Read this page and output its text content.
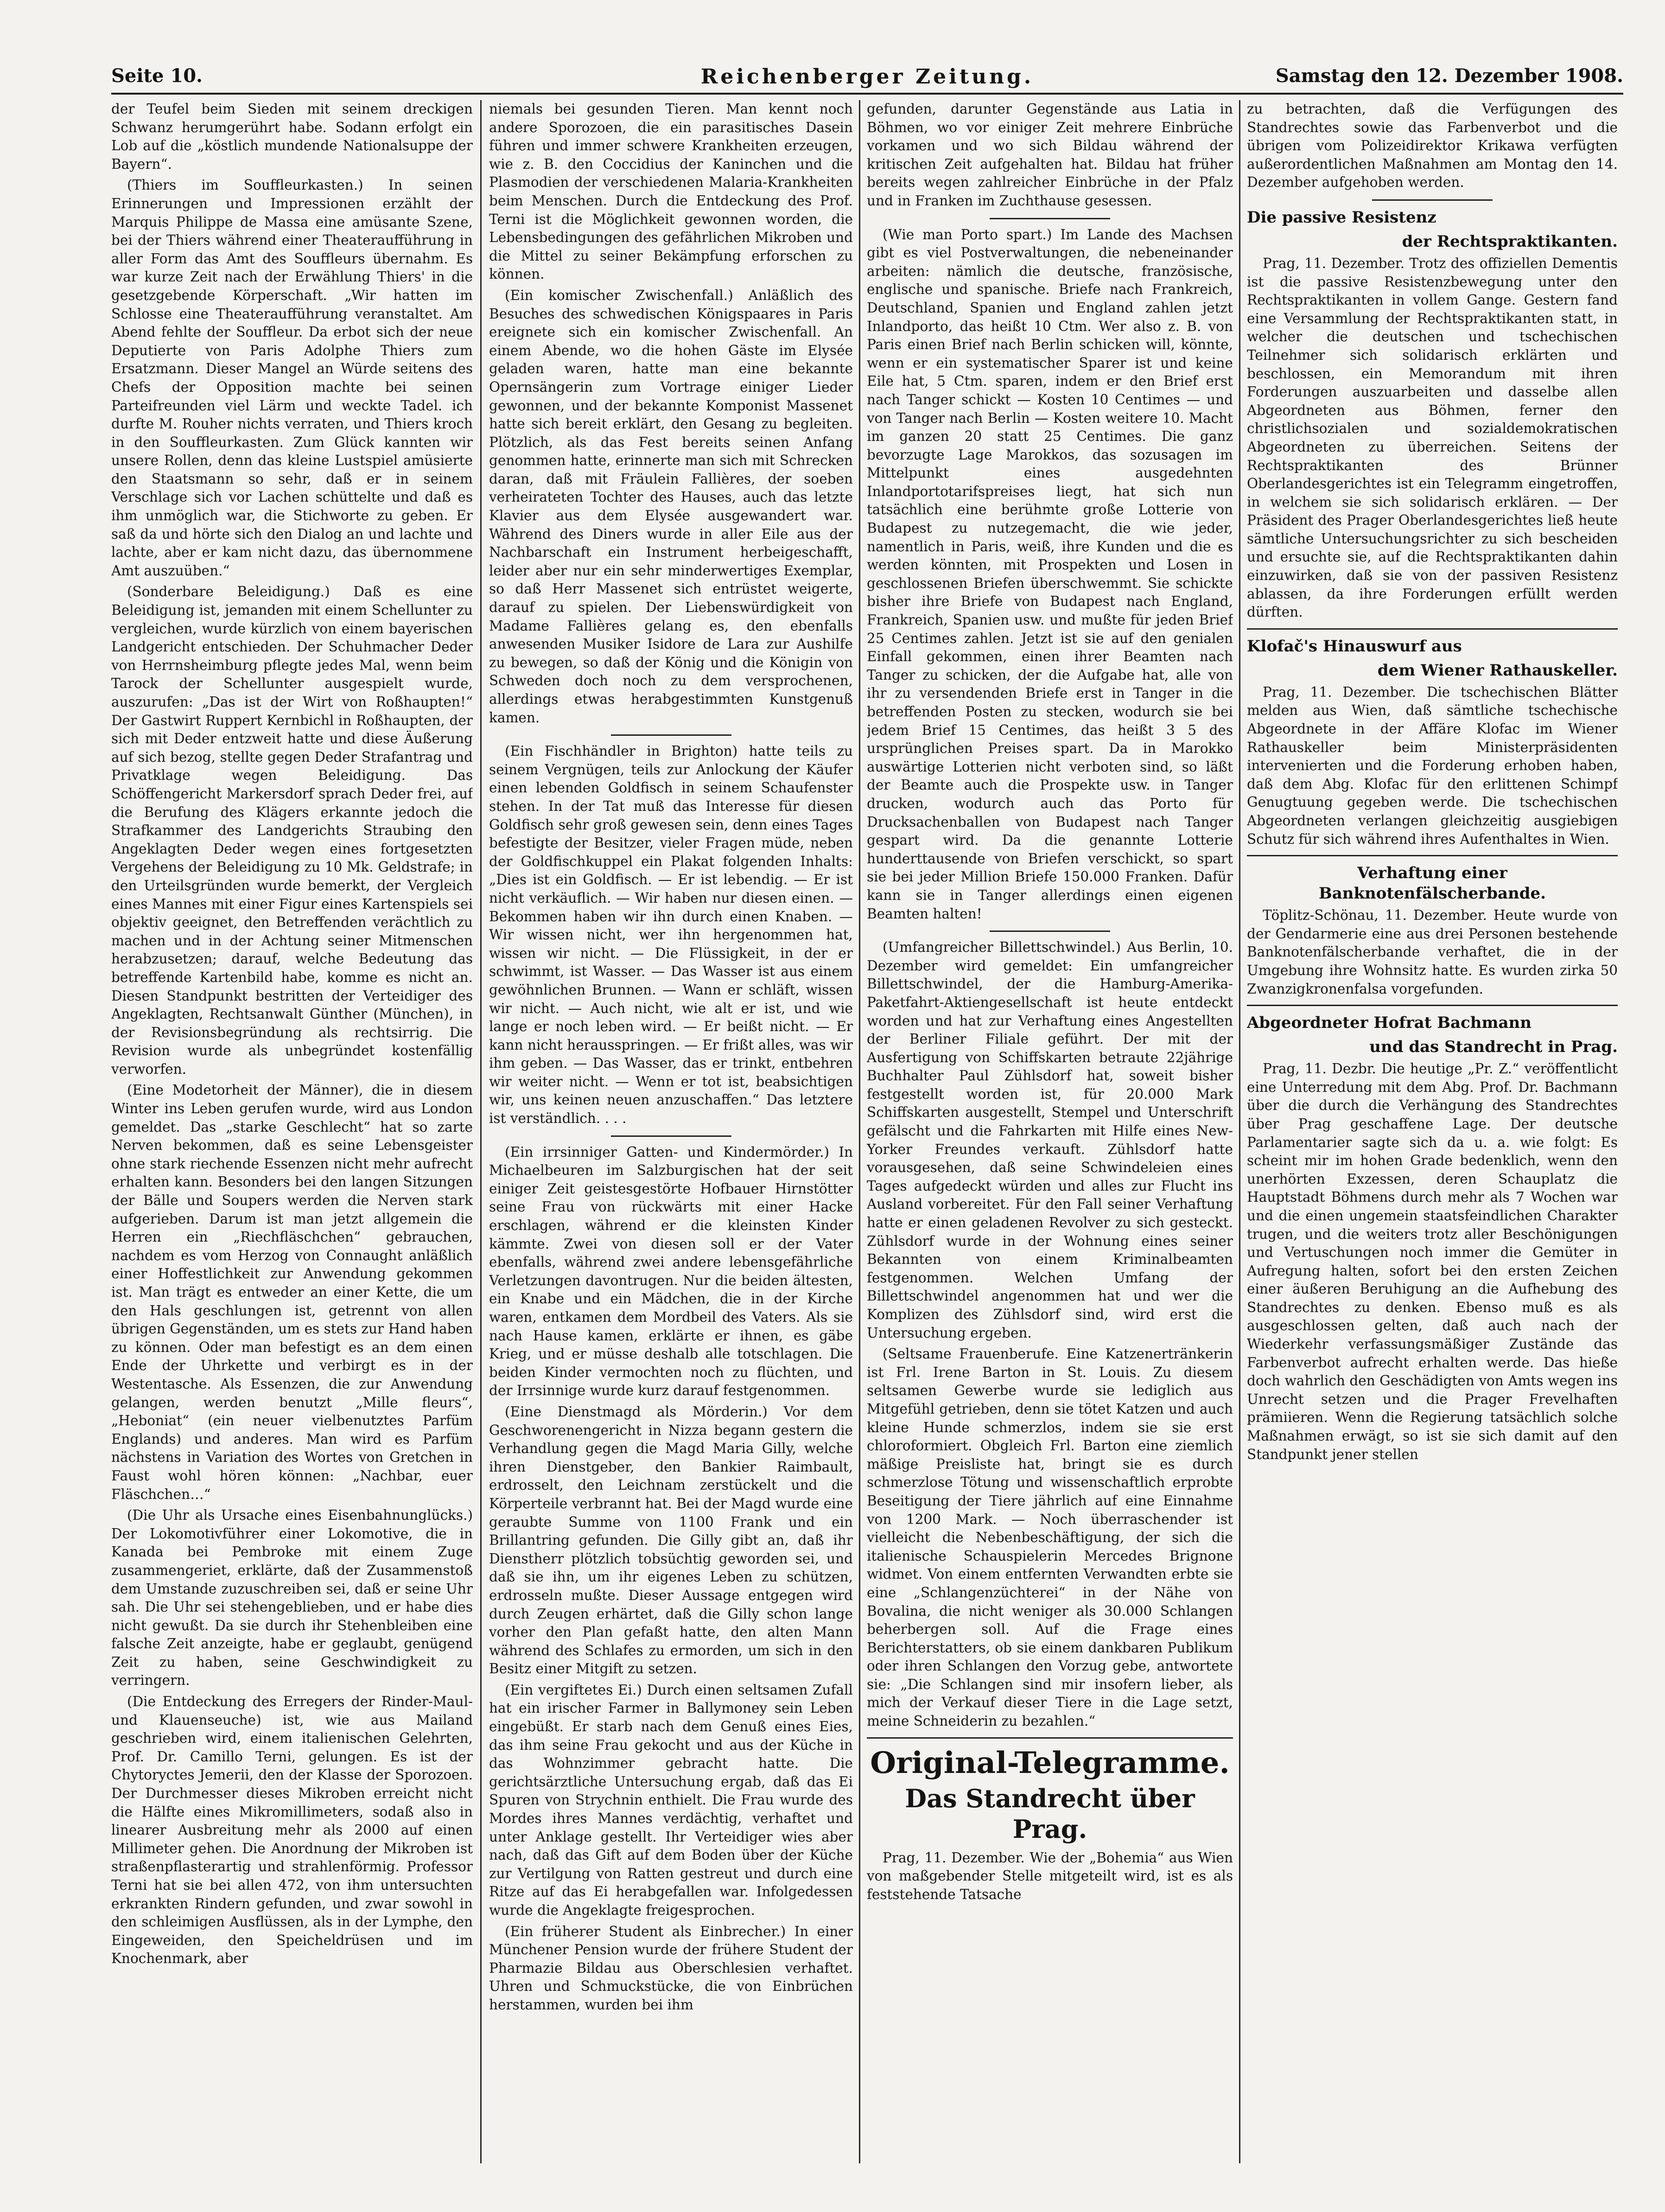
Seite 10.	Reichenberger Zeitung.	Samstag den 12. Dezember 1908.

der Teufel beim Sieden mit seinem dreckigen Schwanz herumgerührt habe. Sodann erfolgt ein Lob auf die „köstlich mundende Nationalsuppe der Bayern“.

(Thiers im Souffleurkasten.) In seinen Erinnerungen und Impressionen erzählt der Marquis Philippe de Massa eine amüsante Szene, bei der Thiers während einer Theateraufführung in aller Form das Amt des Souffleurs übernahm. Es war kurze Zeit nach der Erwählung Thiers' in die gesetzgebende Körperschaft. „Wir hatten im Schlosse eine Theateraufführung veranstaltet. Am Abend fehlte der Souffleur. Da erbot sich der neue Deputierte von Paris Adolphe Thiers zum Ersatzmann. Dieser Mangel an Würde seitens des Chefs der Opposition machte bei seinen Parteifreunden viel Lärm und weckte Tadel. ich durfte M. Rouher nichts verraten, und Thiers kroch in den Souffleurkasten. Zum Glück kannten wir unsere Rollen, denn das kleine Lustspiel amüsierte den Staatsmann so sehr, daß er in seinem Verschlage sich vor Lachen schüttelte und daß es ihm unmöglich war, die Stichworte zu geben. Er saß da und hörte sich den Dialog an und lachte und lachte, aber er kam nicht dazu, das übernommene Amt auszuüben.“

(Sonderbare Beleidigung.) Daß es eine Beleidigung ist, jemanden mit einem Schellunter zu vergleichen, wurde kürzlich von einem bayerischen Landgericht entschieden. Der Schuhmacher Deder von Herrnsheimburg pflegte jedes Mal, wenn beim Tarock der Schellunter ausgespielt wurde, auszurufen: „Das ist der Wirt von Roßhaupten!“ Der Gastwirt Ruppert Kernbichl in Roßhaupten, der sich mit Deder entzweit hatte und diese Äußerung auf sich bezog, stellte gegen Deder Strafantrag und Privatklage wegen Beleidigung. Das Schöffengericht Markersdorf sprach Deder frei, auf die Berufung des Klägers erkannte jedoch die Strafkammer des Landgerichts Straubing den Angeklagten Deder wegen eines fortgesetzten Vergehens der Beleidigung zu 10 Mk. Geldstrafe; in den Urteilsgründen wurde bemerkt, der Vergleich eines Mannes mit einer Figur eines Kartenspiels sei objektiv geeignet, den Betreffenden verächtlich zu machen und in der Achtung seiner Mitmenschen herabzusetzen; darauf, welche Bedeutung das betreffende Kartenbild habe, komme es nicht an. Diesen Standpunkt bestritten der Verteidiger des Angeklagten, Rechtsanwalt Günther (München), in der Revisionsbegründung als rechtsirrig. Die Revision wurde als unbegründet kostenfällig verworfen.

(Eine Modetorheit der Männer), die in diesem Winter ins Leben gerufen wurde, wird aus London gemeldet. Das „starke Geschlecht“ hat so zarte Nerven bekommen, daß es seine Lebensgeister ohne stark riechende Essenzen nicht mehr aufrecht erhalten kann. Besonders bei den langen Sitzungen der Bälle und Soupers werden die Nerven stark aufgerieben. Darum ist man jetzt allgemein die Herren ein „Riechfläschchen“ gebrauchen, nachdem es vom Herzog von Connaught anläßlich einer Hoffestlichkeit zur Anwendung gekommen ist. Man trägt es entweder an einer Kette, die um den Hals geschlungen ist, getrennt von allen übrigen Gegenständen, um es stets zur Hand haben zu können. Oder man befestigt es an dem einen Ende der Uhrkette und verbirgt es in der Westentasche. Als Essenzen, die zur Anwendung gelangen, werden benutzt „Mille fleurs“, „Heboniat“ (ein neuer vielbenutztes Parfüm Englands) und anderes. Man wird es Parfüm nächstens in Variation des Wortes von Gretchen in Faust wohl hören können: „Nachbar, euer Fläschchen…“

(Die Uhr als Ursache eines Eisenbahnunglücks.) Der Lokomotivführer einer Lokomotive, die in Kanada bei Pembroke mit einem Zuge zusammengeriet, erklärte, daß der Zusammenstoß dem Umstande zuzuschreiben sei, daß er seine Uhr sah. Die Uhr sei stehengeblieben, und er habe dies nicht gewußt. Da sie durch ihr Stehenbleiben eine falsche Zeit anzeigte, habe er geglaubt, genügend Zeit zu haben, seine Geschwindigkeit zu verringern.

(Die Entdeckung des Erregers der Rinder-Maul- und Klauenseuche) ist, wie aus Mailand geschrieben wird, einem italienischen Gelehrten, Prof. Dr. Camillo Terni, gelungen. Es ist der Chytoryctes Jemerii, den der Klasse der Sporozoen. Der Durchmesser dieses Mikroben erreicht nicht die Hälfte eines Mikromillimeters, sodaß also in linearer Ausbreitung mehr als 2000 auf einen Millimeter gehen. Die Anordnung der Mikroben ist straßenpflasterartig und strahlenförmig. Professor Terni hat sie bei allen 472, von ihm untersuchten erkrankten Rindern gefunden, und zwar sowohl in den schleimigen Ausflüssen, als in der Lymphe, den Eingeweiden, den Speicheldrüsen und im Knochenmark, aber

niemals bei gesunden Tieren. Man kennt noch andere Sporozoen, die ein parasitisches Dasein führen und immer schwere Krankheiten erzeugen, wie z. B. den Coccidius der Kaninchen und die Plasmodien der verschiedenen Malaria-Krankheiten beim Menschen. Durch die Entdeckung des Prof. Terni ist die Möglichkeit gewonnen worden, die Lebensbedingungen des gefährlichen Mikroben und die Mittel zu seiner Bekämpfung erforschen zu können.

(Ein komischer Zwischenfall.) Anläßlich des Besuches des schwedischen Königspaares in Paris ereignete sich ein komischer Zwischenfall. An einem Abende, wo die hohen Gäste im Elysée geladen waren, hatte man eine bekannte Opernsängerin zum Vortrage einiger Lieder gewonnen, und der bekannte Komponist Massenet hatte sich bereit erklärt, den Gesang zu begleiten. Plötzlich, als das Fest bereits seinen Anfang genommen hatte, erinnerte man sich mit Schrecken daran, daß mit Fräulein Fallières, der soeben verheirateten Tochter des Hauses, auch das letzte Klavier aus dem Elysée ausgewandert war. Während des Diners wurde in aller Eile aus der Nachbarschaft ein Instrument herbeigeschafft, leider aber nur ein sehr minderwertiges Exemplar, so daß Herr Massenet sich entrüstet weigerte, darauf zu spielen. Der Liebenswürdigkeit von Madame Fallières gelang es, den ebenfalls anwesenden Musiker Isidore de Lara zur Aushilfe zu bewegen, so daß der König und die Königin von Schweden doch noch zu dem versprochenen, allerdings etwas herabgestimmten Kunstgenuß kamen.

(Ein Fischhändler in Brighton) hatte teils zu seinem Vergnügen, teils zur Anlockung der Käufer einen lebenden Goldfisch in seinem Schaufenster stehen. In der Tat muß das Interesse für diesen Goldfisch sehr groß gewesen sein, denn eines Tages befestigte der Besitzer, vieler Fragen müde, neben der Goldfischkuppel ein Plakat folgenden Inhalts: „Dies ist ein Goldfisch. — Er ist lebendig. — Er ist nicht verkäuflich. — Wir haben nur diesen einen. — Bekommen haben wir ihn durch einen Knaben. — Wir wissen nicht, wer ihn hergenommen hat, wissen wir nicht. — Die Flüssigkeit, in der er schwimmt, ist Wasser. — Das Wasser ist aus einem gewöhnlichen Brunnen. — Wann er schläft, wissen wir nicht. — Auch nicht, wie alt er ist, und wie lange er noch leben wird. — Er beißt nicht. — Er kann nicht herausspringen. — Er frißt alles, was wir ihm geben. — Das Wasser, das er trinkt, entbehren wir weiter nicht. — Wenn er tot ist, beabsichtigen wir, uns keinen neuen anzuschaffen.“ Das letztere ist verständlich. . . .

(Ein irrsinniger Gatten- und Kindermörder.) In Michaelbeuren im Salzburgischen hat der seit einiger Zeit geistesgestörte Hofbauer Hirnstötter seine Frau von rückwärts mit einer Hacke erschlagen, während er die kleinsten Kinder kämmte. Zwei von diesen soll er der Vater ebenfalls, während zwei andere lebensgefährliche Verletzungen davontrugen. Nur die beiden ältesten, ein Knabe und ein Mädchen, die in der Kirche waren, entkamen dem Mordbeil des Vaters. Als sie nach Hause kamen, erklärte er ihnen, es gäbe Krieg, und er müsse deshalb alle totschlagen. Die beiden Kinder vermochten noch zu flüchten, und der Irrsinnige wurde kurz darauf festgenommen.

(Eine Dienstmagd als Mörderin.) Vor dem Geschworenengericht in Nizza begann gestern die Verhandlung gegen die Magd Maria Gilly, welche ihren Dienstgeber, den Bankier Raimbault, erdrosselt, den Leichnam zerstückelt und die Körperteile verbrannt hat. Bei der Magd wurde eine geraubte Summe von 1100 Frank und ein Brillantring gefunden. Die Gilly gibt an, daß ihr Dienstherr plötzlich tobsüchtig geworden sei, und daß sie ihn, um ihr eigenes Leben zu schützen, erdrosseln mußte. Dieser Aussage entgegen wird durch Zeugen erhärtet, daß die Gilly schon lange vorher den Plan gefaßt hatte, den alten Mann während des Schlafes zu ermorden, um sich in den Besitz einer Mitgift zu setzen.

(Ein vergiftetes Ei.) Durch einen seltsamen Zufall hat ein irischer Farmer in Ballymoney sein Leben eingebüßt. Er starb nach dem Genuß eines Eies, das ihm seine Frau gekocht und aus der Küche in das Wohnzimmer gebracht hatte. Die gerichtsärztliche Untersuchung ergab, daß das Ei Spuren von Strychnin enthielt. Die Frau wurde des Mordes ihres Mannes verdächtig, verhaftet und unter Anklage gestellt. Ihr Verteidiger wies aber nach, daß das Gift auf dem Boden über der Küche zur Vertilgung von Ratten gestreut und durch eine Ritze auf das Ei herabgefallen war. Infolgedessen wurde die Angeklagte freigesprochen.

(Ein früherer Student als Einbrecher.) In einer Münchener Pension wurde der frühere Student der Pharmazie Bildau aus Oberschlesien verhaftet. Uhren und Schmuckstücke, die von Einbrüchen herstammen, wurden bei ihm

gefunden, darunter Gegenstände aus Latia in Böhmen, wo vor einiger Zeit mehrere Einbrüche vorkamen und wo sich Bildau während der kritischen Zeit aufgehalten hat. Bildau hat früher bereits wegen zahlreicher Einbrüche in der Pfalz und in Franken im Zuchthause gesessen.

(Wie man Porto spart.) Im Lande des Machsen gibt es viel Postverwaltungen, die nebeneinander arbeiten: nämlich die deutsche, französische, englische und spanische. Briefe nach Frankreich, Deutschland, Spanien und England zahlen jetzt Inlandporto, das heißt 10 Ctm. Wer also z. B. von Paris einen Brief nach Berlin schicken will, könnte, wenn er ein systematischer Sparer ist und keine Eile hat, 5 Ctm. sparen, indem er den Brief erst nach Tanger schickt — Kosten 10 Centimes — und von Tanger nach Berlin — Kosten weitere 10. Macht im ganzen 20 statt 25 Centimes. Die ganz bevorzugte Lage Marokkos, das sozusagen im Mittelpunkt eines ausgedehnten Inlandportotarifspreises liegt, hat sich nun tatsächlich eine berühmte große Lotterie von Budapest zu nutzegemacht, die wie jeder, namentlich in Paris, weiß, ihre Kunden und die es werden könnten, mit Prospekten und Losen in geschlossenen Briefen überschwemmt. Sie schickte bisher ihre Briefe von Budapest nach England, Frankreich, Spanien usw. und mußte für jeden Brief 25 Centimes zahlen. Jetzt ist sie auf den genialen Einfall gekommen, einen ihrer Beamten nach Tanger zu schicken, der die Aufgabe hat, alle von ihr zu versendenden Briefe erst in Tanger in die betreffenden Posten zu stecken, wodurch sie bei jedem Brief 15 Centimes, das heißt 3 5 des ursprünglichen Preises spart. Da in Marokko auswärtige Lotterien nicht verboten sind, so läßt der Beamte auch die Prospekte usw. in Tanger drucken, wodurch auch das Porto für Drucksachenballen von Budapest nach Tanger gespart wird. Da die genannte Lotterie hunderttausende von Briefen verschickt, so spart sie bei jeder Million Briefe 150.000 Franken. Dafür kann sie in Tanger allerdings einen eigenen Beamten halten!

(Umfangreicher Billettschwindel.) Aus Berlin, 10. Dezember wird gemeldet: Ein umfangreicher Billettschwindel, der die Hamburg-Amerika-Paketfahrt-Aktiengesellschaft ist heute entdeckt worden und hat zur Verhaftung eines Angestellten der Berliner Filiale geführt. Der mit der Ausfertigung von Schiffskarten betraute 22jährige Buchhalter Paul Zühlsdorf hat, soweit bisher festgestellt worden ist, für 20.000 Mark Schiffskarten ausgestellt, Stempel und Unterschrift gefälscht und die Fahrkarten mit Hilfe eines New-Yorker Freundes verkauft. Zühlsdorf hatte vorausgesehen, daß seine Schwindeleien eines Tages aufgedeckt würden und alles zur Flucht ins Ausland vorbereitet. Für den Fall seiner Verhaftung hatte er einen geladenen Revolver zu sich gesteckt. Zühlsdorf wurde in der Wohnung eines seiner Bekannten von einem Kriminalbeamten festgenommen. Welchen Umfang der Billettschwindel angenommen hat und wer die Komplizen des Zühlsdorf sind, wird erst die Untersuchung ergeben.

(Seltsame Frauenberufe. Eine Katzenertränkerin ist Frl. Irene Barton in St. Louis. Zu diesem seltsamen Gewerbe wurde sie lediglich aus Mitgefühl getrieben, denn sie tötet Katzen und auch kleine Hunde schmerzlos, indem sie sie erst chloroformiert. Obgleich Frl. Barton eine ziemlich mäßige Preisliste hat, bringt sie es durch schmerzlose Tötung und wissenschaftlich erprobte Beseitigung der Tiere jährlich auf eine Einnahme von 1200 Mark. — Noch überraschender ist vielleicht die Nebenbeschäftigung, der sich die italienische Schauspielerin Mercedes Brignone widmet. Von einem entfernten Verwandten erbte sie eine „Schlangenzüchterei“ in der Nähe von Bovalina, die nicht weniger als 30.000 Schlangen beherbergen soll. Auf die Frage eines Berichterstatters, ob sie einem dankbaren Publikum oder ihren Schlangen den Vorzug gebe, antwortete sie: „Die Schlangen sind mir insofern lieber, als mich der Verkauf dieser Tiere in die Lage setzt, meine Schneiderin zu bezahlen.“

Original-Telegramme.
Das Standrecht über Prag.

Prag, 11. Dezember. Wie der „Bohemia“ aus Wien von maßgebender Stelle mitgeteilt wird, ist es als feststehende Tatsache

zu betrachten, daß die Verfügungen des Standrechtes sowie das Farbenverbot und die übrigen vom Polizeidirektor Krikawa verfügten außerordentlichen Maßnahmen am Montag den 14. Dezember aufgehoben werden.

Die passive Resistenz
der Rechtspraktikanten.

Prag, 11. Dezember. Trotz des offiziellen Dementis ist die passive Resistenzbewegung unter den Rechtspraktikanten in vollem Gange. Gestern fand eine Versammlung der Rechtspraktikanten statt, in welcher die deutschen und tschechischen Teilnehmer sich solidarisch erklärten und beschlossen, ein Memorandum mit ihren Forderungen auszuarbeiten und dasselbe allen Abgeordneten aus Böhmen, ferner den christlichsozialen und sozialdemokratischen Abgeordneten zu überreichen. Seitens der Rechtspraktikanten des Brünner Oberlandesgerichtes ist ein Telegramm eingetroffen, in welchem sie sich solidarisch erklären. — Der Präsident des Prager Oberlandesgerichtes ließ heute sämtliche Untersuchungsrichter zu sich bescheiden und ersuchte sie, auf die Rechtspraktikanten dahin einzuwirken, daß sie von der passiven Resistenz ablassen, da ihre Forderungen erfüllt werden dürften.

Klofač's Hinauswurf aus
dem Wiener Rathauskeller.

Prag, 11. Dezember. Die tschechischen Blätter melden aus Wien, daß sämtliche tschechische Abgeordnete in der Affäre Klofac im Wiener Rathauskeller beim Ministerpräsidenten intervenierten und die Forderung erhoben haben, daß dem Abg. Klofac für den erlittenen Schimpf Genugtuung gegeben werde. Die tschechischen Abgeordneten verlangen gleichzeitig ausgiebigen Schutz für sich während ihres Aufenthaltes in Wien.

Verhaftung einer Banknotenfälscherbande.

Töplitz-Schönau, 11. Dezember. Heute wurde von der Gendarmerie eine aus drei Personen bestehende Banknotenfälscherbande verhaftet, die in der Umgebung ihre Wohnsitz hatte. Es wurden zirka 50 Zwanzigkronenfalsa vorgefunden.

Abgeordneter Hofrat Bachmann
und das Standrecht in Prag.

Prag, 11. Dezbr. Die heutige „Pr. Z.“ veröffentlicht eine Unterredung mit dem Abg. Prof. Dr. Bachmann über die durch die Verhängung des Standrechtes über Prag geschaffene Lage. Der deutsche Parlamentarier sagte sich da u. a. wie folgt: Es scheint mir im hohen Grade bedenklich, wenn den unerhörten Exzessen, deren Schauplatz die Hauptstadt Böhmens durch mehr als 7 Wochen war und die einen ungemein staatsfeindlichen Charakter trugen, und die weiters trotz aller Beschönigungen und Vertuschungen noch immer die Gemüter in Aufregung halten, sofort bei den ersten Zeichen einer äußeren Beruhigung an die Aufhebung des Standrechtes zu denken. Ebenso muß es als ausgeschlossen gelten, daß auch nach der Wiederkehr verfassungsmäßiger Zustände das Farbenverbot aufrecht erhalten werde. Das hieße doch wahrlich den Geschädigten von Amts wegen ins Unrecht setzen und die Prager Frevelhaften prämiieren. Wenn die Regierung tatsächlich solche Maßnahmen erwägt, so ist sie sich damit auf den Standpunkt jener stellen
